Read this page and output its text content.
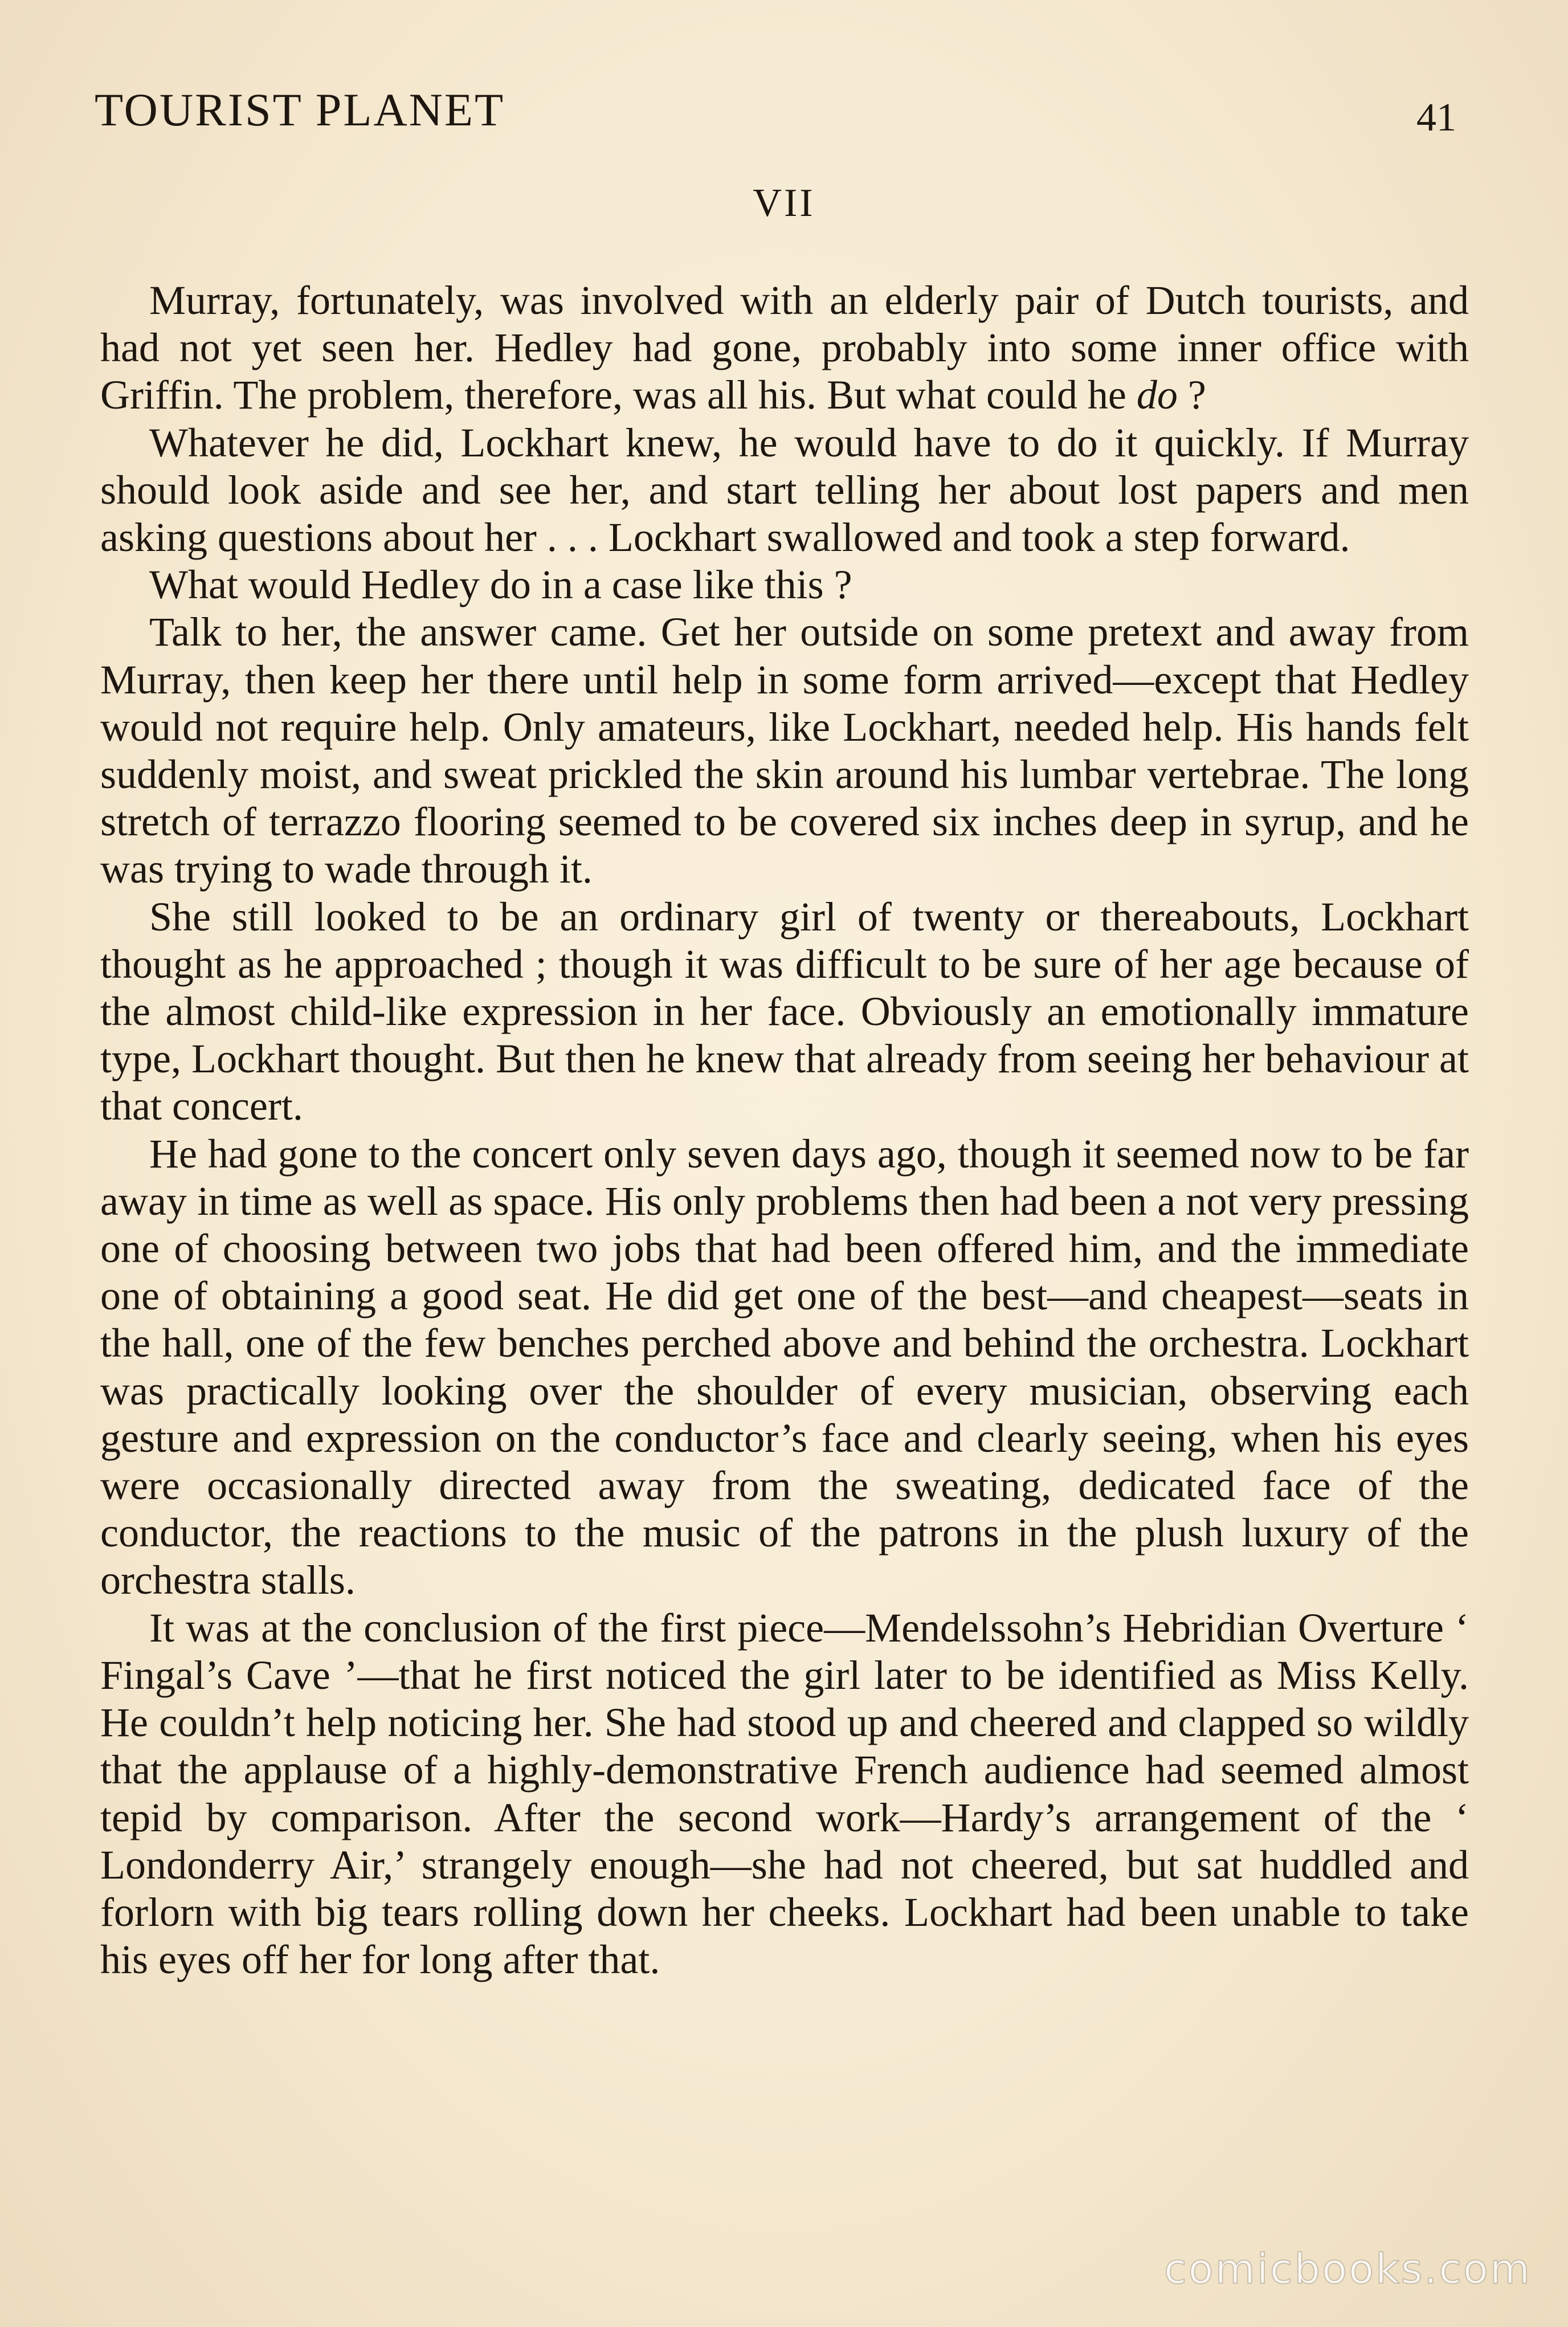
TOURIST PLANET	41
VII

Murray, fortunately, was involved with an elderly pair of Dutch tourists, and had not yet seen her. Hedley had gone, probably into some inner office with Griffin. The problem, therefore, was all his. But what could he do ?

Whatever he did, Lockhart knew, he would have to do it quickly. If Murray should look aside and see her, and start telling her about lost papers and men asking questions about her . . . Lockhart swallowed and took a step forward.

What would Hedley do in a case like this ?

Talk to her, the answer came. Get her outside on some pretext and away from Murray, then keep her there until help in some form arrived—except that Hedley would not require help. Only amateurs, like Lockhart, needed help. His hands felt suddenly moist, and sweat prickled the skin around his lumbar vertebrae. The long stretch of terrazzo flooring seemed to be covered six inches deep in syrup, and he was trying to wade through it.

She still looked to be an ordinary girl of twenty or thereabouts, Lockhart thought as he approached ; though it was difficult to be sure of her age because of the almost child-like expression in her face. Obviously an emotionally immature type, Lockhart thought. But then he knew that already from seeing her behaviour at that concert.

He had gone to the concert only seven days ago, though it seemed now to be far away in time as well as space. His only problems then had been a not very pressing one of choosing between two jobs that had been offered him, and the immediate one of obtaining a good seat. He did get one of the best—and cheapest—seats in the hall, one of the few benches perched above and behind the orchestra. Lockhart was practically looking over the shoulder of every musician, observing each gesture and expression on the conductor’s face and clearly seeing, when his eyes were occasionally directed away from the sweating, dedicated face of the conductor, the reactions to the music of the patrons in the plush luxury of the orchestra stalls.

It was at the conclusion of the first piece—Mendelssohn’s Hebridian Overture ‘ Fingal’s Cave ’—that he first noticed the girl later to be identified as Miss Kelly. He couldn’t help noticing her. She had stood up and cheered and clapped so wildly that the applause of a highly-demonstrative French audience had seemed almost tepid by comparison. After the second work—Hardy’s arrangement of the ‘ Londonderry Air,’ strangely enough—she had not cheered, but sat huddled and forlorn with big tears rolling down her cheeks. Lockhart had been unable to take his eyes off her for long after that.

comicbooks.com
